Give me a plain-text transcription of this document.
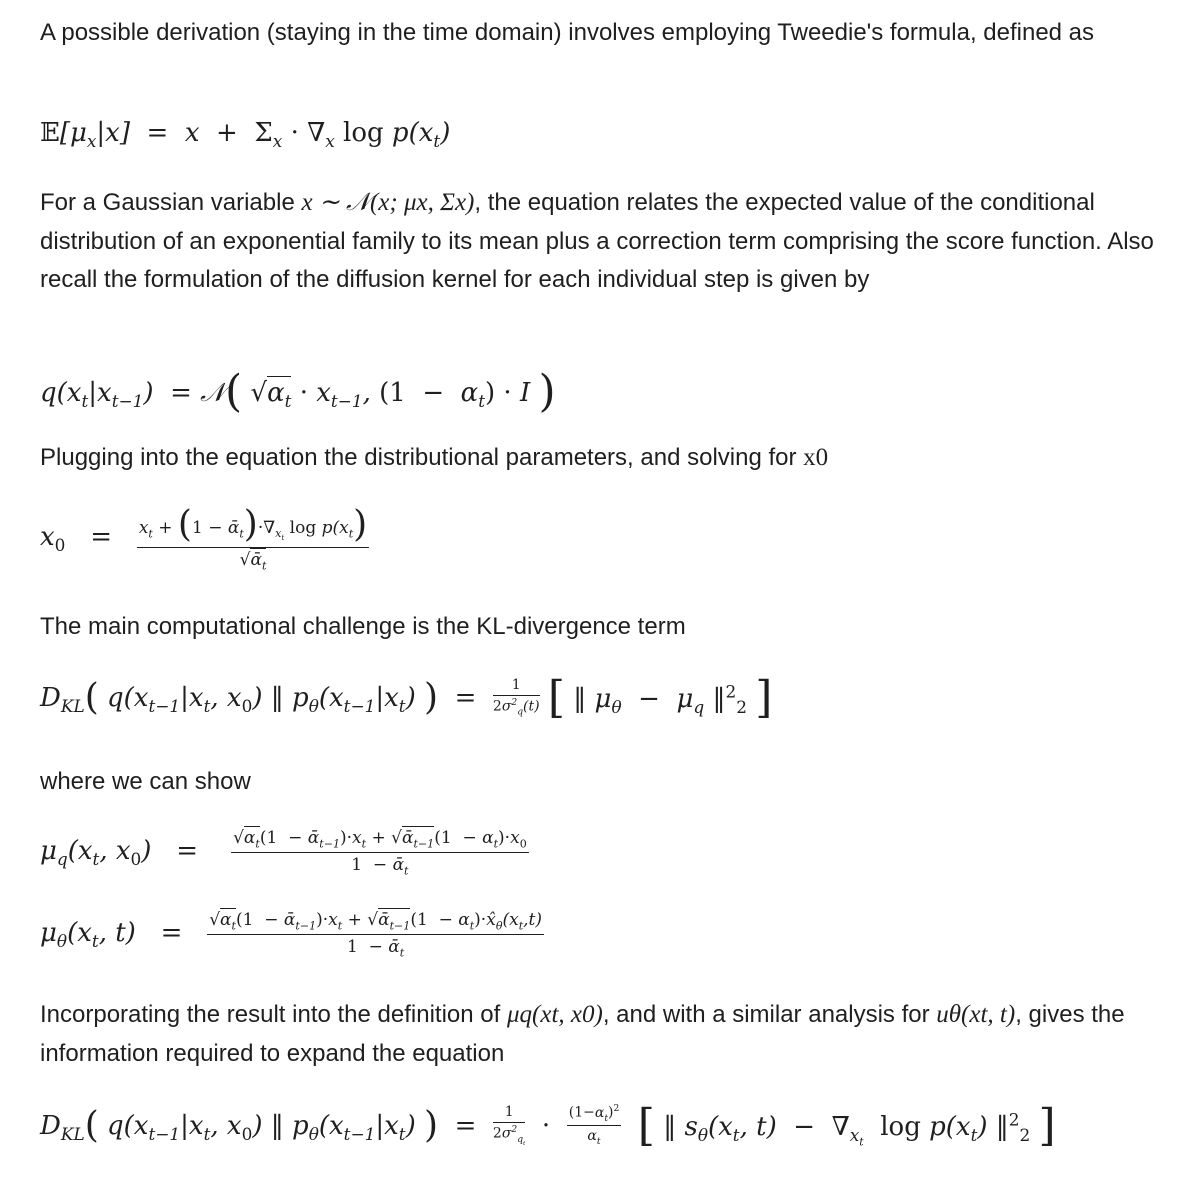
A possible derivation (staying in the time domain) involves employing Tweedie's formula, defined as
$𝔼[\mu_x|x] = x + \Sigma_x \cdot \nabla_x$ $\log p(x_t)$
For a Gaussian variable x ∼ 𝒩(x; μx, Σx), the equation relates the expected value of the conditional distribution of an exponential family to its mean plus a correction term comprising the score function. Also recall the formulation of the diffusion kernel for each individual step is given by
$q(x_t|x_{t-1})$  = 𝒩( $√\alpha_t \cdot x_{t-1}$, $(1 - \alpha_t)$ · 𝐼 )
Plugging into the equation the distributional parameters, and solving for x0
$x_0 = \frac{x_t + (1 - ᾱ_t)\cdot\nabla_{x_t} \log p(x_t)}{√ᾱ_t}$
The main computational challenge is the KL-divergence term
$D_{KL}$( $q(x_{t-1}|x_t$, $x_0$) ‖ $p_\theta(x_{t-1}|x_t)$ ) = $\frac{1}{2\sigma^2_q(t)}$ [ ‖ $\mu_\theta - \mu_q$ ‖$^2_2$ ]
where we can show
$\mu_q(x_t$, $x_0) = \frac{√\alpha_t(1 - ᾱ_{t-1})\cdot x_t + √ᾱ_{t-1}(1 - \alpha_t)\cdot x_0}{1 - ᾱ_t}$
$\mu_\theta(x_t$, $t) = \frac{√\alpha_t(1 - ᾱ_{t-1})\cdot x_t + √ᾱ_{t-1}(1 - \alpha_t)\cdot x̂_\theta(x_t,t)}{1 - ᾱ_t}$
Incorporating the result into the definition of μq(xt, x0), and with a similar analysis for uθ(xt, t), gives the information required to expand the equation
$D_{KL}$( $q(x_{t-1}|x_t$, $x_0$) ‖ $p_\theta(x_{t-1}|x_t)$ ) = $\frac{1}{2\sigma^2_{q_t}} \cdot \frac{(1-\alpha_t)^2}{\alpha_t}$ [ ‖ $s_\theta(x_t$, $t) - \nabla_{x_t}$  $\log p(x_t)$ ‖$^2_2$ ]
